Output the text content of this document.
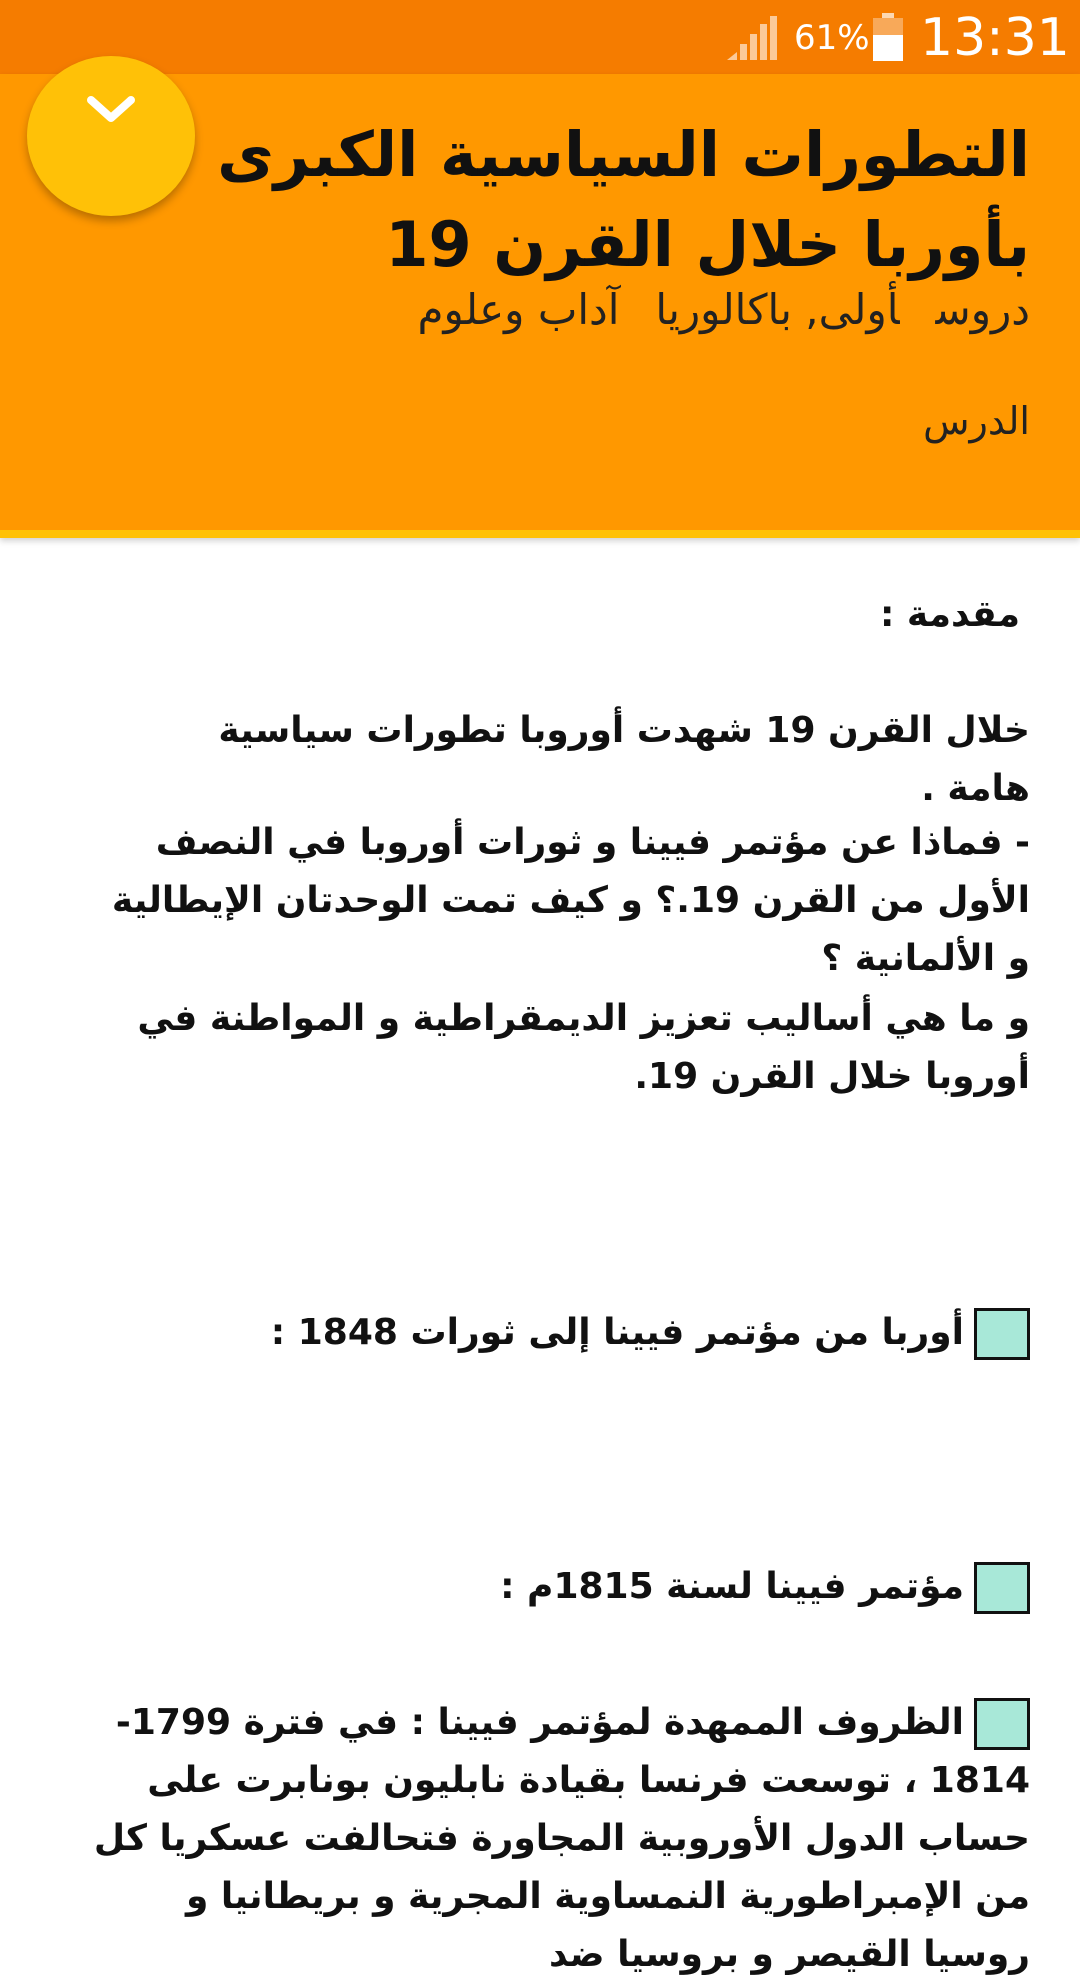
61% 13:31
التطورات السياسية الكبرى بأوربا خلال القرن 19
دروسأولى, باكالورياآداب وعلوم
الدرس

مقدمة :

خلال القرن 19 شهدت أوروبا تطورات سياسية هامة .

- فماذا عن مؤتمر فيينا و ثورات أوروبا في النصف الأول من القرن 19.؟ و كيف تمت الوحدتان الإيطالية و الألمانية ؟

و ما هي أساليب تعزيز الديمقراطية و المواطنة في أوروبا خلال القرن 19.

أوربا من مؤتمر فيينا إلى ثورات 1848 :

مؤتمر فيينا لسنة 1815م :

الظروف الممهدة لمؤتمر فيينا : في فترة 1799-1814 ، توسعت فرنسا بقيادة نابليون بونابرت على حساب الدول الأوروبية المجاورة فتحالفت عسكريا كل من الإمبراطورية النمساوية المجرية و بريطانيا و روسيا القيصر و بروسيا ضد
